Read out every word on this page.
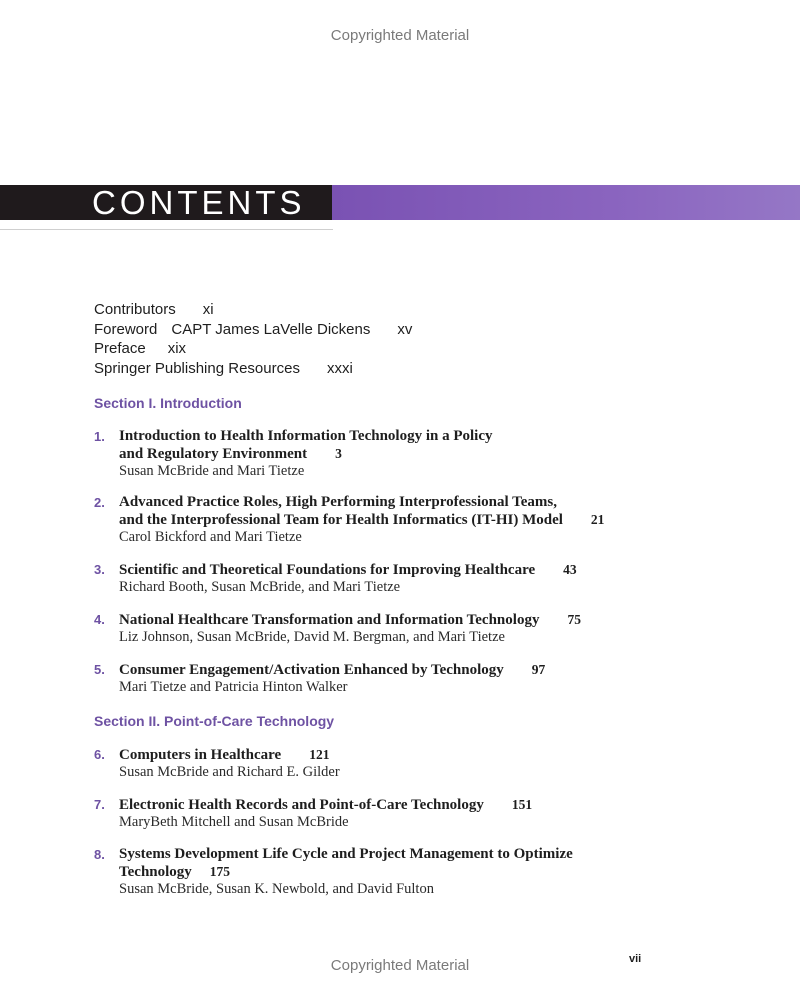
Copyrighted Material
CONTENTS
Contributors xi
Foreword CAPT James LaVelle Dickens xv
Preface xix
Springer Publishing Resources xxxi
Section I. Introduction
1. Introduction to Health Information Technology in a Policy
and Regulatory Environment 3
Susan McBride and Mari Tietze
2. Advanced Practice Roles, High Performing Interprofessional Teams,
and the Interprofessional Team for Health Informatics (IT-HI) Model 21
Carol Bickford and Mari Tietze
3. Scientific and Theoretical Foundations for Improving Healthcare 43
Richard Booth, Susan McBride, and Mari Tietze
4. National Healthcare Transformation and Information Technology 75
Liz Johnson, Susan McBride, David M. Bergman, and Mari Tietze
5. Consumer Engagement/Activation Enhanced by Technology 97
Mari Tietze and Patricia Hinton Walker
Section II. Point-of-Care Technology
6. Computers in Healthcare 121
Susan McBride and Richard E. Gilder
7. Electronic Health Records and Point-of-Care Technology 151
MaryBeth Mitchell and Susan McBride
8. Systems Development Life Cycle and Project Management to Optimize
Technology 175
Susan McBride, Susan K. Newbold, and David Fulton
vii
Copyrighted Material
